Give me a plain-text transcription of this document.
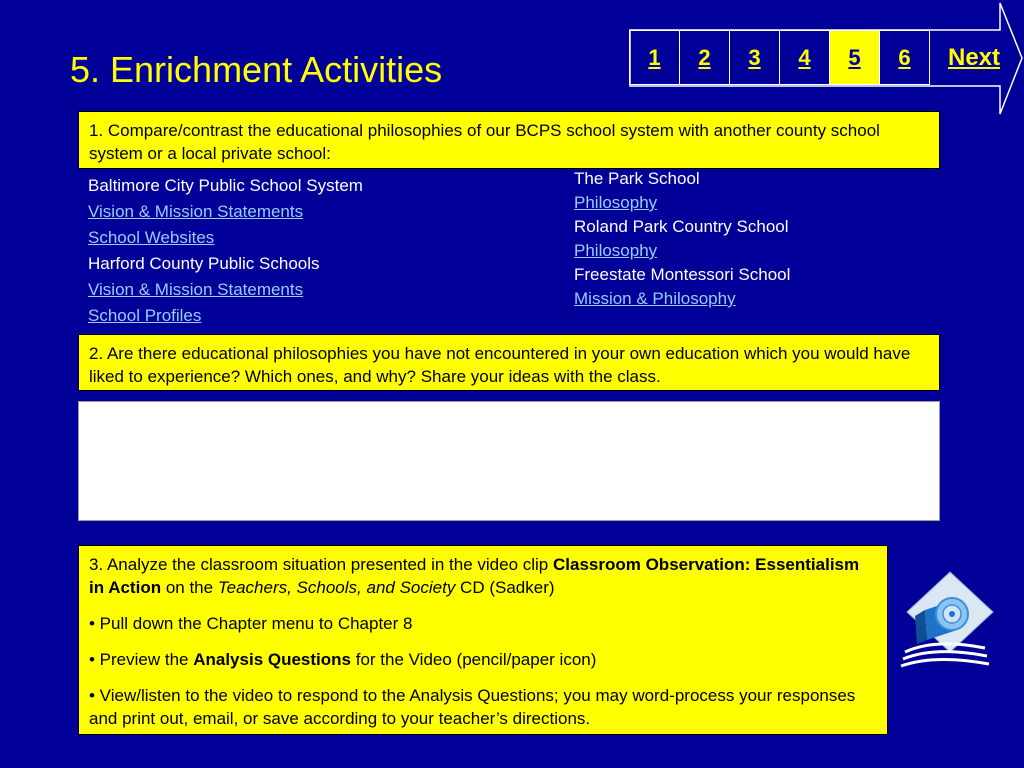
5. Enrichment Activities	1	2	3	4	5	6	Next
1. Compare/contrast the educational philosophies of our BCPS school system with another county school system or a local private school:
Baltimore City Public School System
Vision & Mission Statements
School Websites
Harford County Public Schools
Vision & Mission Statements
School Profiles
The Park School
Philosophy
Roland Park Country School
Philosophy
Freestate Montessori School
Mission & Philosophy
2. Are there educational philosophies you have not encountered in your own education which you would have liked to experience? Which ones, and why? Share your ideas with the class.

3. Analyze the classroom situation presented in the video clip Classroom Observation: Essentialism in Action on the Teachers, Schools, and Society CD (Sadker)

• Pull down the Chapter menu to Chapter 8

• Preview the Analysis Questions for the Video (pencil/paper icon)

• View/listen to the video to respond to the Analysis Questions; you may word-process your responses and print out, email, or save according to your teacher’s directions.
